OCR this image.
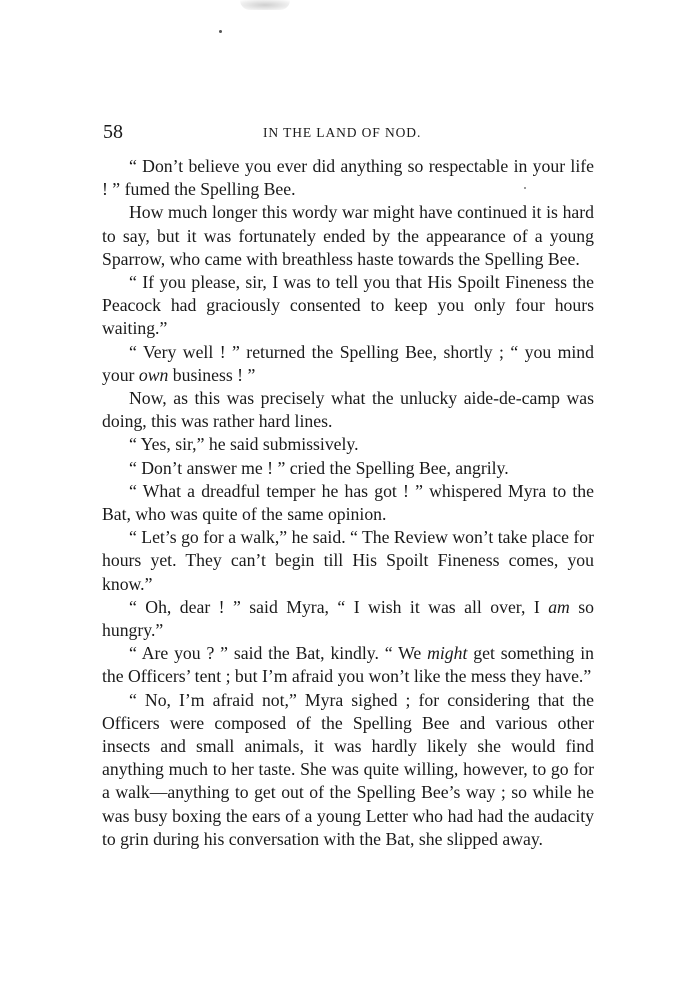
58	IN THE LAND OF NOD.

“ Don’t believe you ever did anything so respectable in your life ! ” fumed the Spelling Bee.

How much longer this wordy war might have continued it is hard to say, but it was fortunately ended by the appearance of a young Sparrow, who came with breathless haste towards the Spelling Bee.

“ If you please, sir, I was to tell you that His Spoilt Fineness the Peacock had graciously consented to keep you only four hours waiting.”

“ Very well ! ” returned the Spelling Bee, shortly ; “ you mind your own business ! ”

Now, as this was precisely what the unlucky aide-de-camp was doing, this was rather hard lines.

“ Yes, sir,” he said submissively.

“ Don’t answer me ! ” cried the Spelling Bee, angrily.

“ What a dreadful temper he has got ! ” whispered Myra to the Bat, who was quite of the same opinion.

“ Let’s go for a walk,” he said. “ The Review won’t take place for hours yet. They can’t begin till His Spoilt Fineness comes, you know.”

“ Oh, dear ! ” said Myra, “ I wish it was all over, I am so hungry.”

“ Are you ? ” said the Bat, kindly. “ We might get something in the Officers’ tent ; but I’m afraid you won’t like the mess they have.”

“ No, I’m afraid not,” Myra sighed ; for considering that the Officers were composed of the Spelling Bee and various other insects and small animals, it was hardly likely she would find anything much to her taste. She was quite willing, however, to go for a walk—anything to get out of the Spelling Bee’s way ; so while he was busy boxing the ears of a young Letter who had had the audacity to grin during his conversation with the Bat, she slipped away.
